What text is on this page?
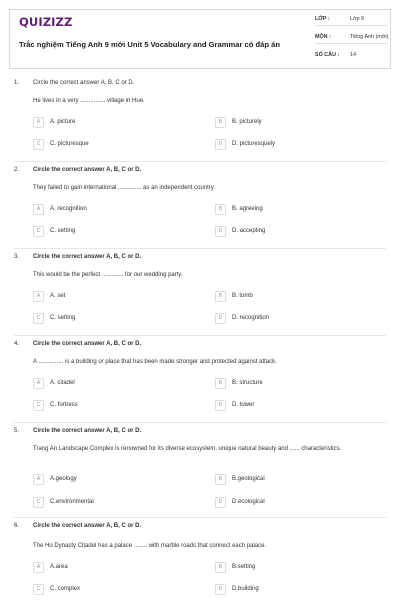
QUIZIZZ
Trắc nghiệm Tiếng Anh 9 mới Unit 5 Vocabulary and Grammar có đáp án
LỚP :	Lớp 9
MÔN :	Tiếng Anh (mới)
SỐ CÂU : 14
1. Circle the correct answer A, B, C or D.
He lives in a very ............... village in Hue.
A	A. picture	B	B. picturely
C	C. picturesque	D	D. picturesquely
2. Circle the correct answer A, B, C or D.
They failed to gain international .............. as an independent country.
A	A. recognition	B	B. agreeing
C	C. setting	D	D. accepting
3. Circle the correct answer A, B, C or D.
This would be the perfect ............. for our wedding party.
A	A. set	B	B. tomb
C	C. setting	D	D. recognition
4. Circle the correct answer A, B, C or D.
A ............... is a building or place that has been made stronger and protected against attack.
A	A. citadel	B	B. structure
C	C. fortress	D	D. tower
5. Circle the correct answer A, B, C or D.
Trang An Landscape Complex is renowned for its diverse ecosystem, unique natural beauty and ...... characteristics.
A	A.geology	B	B.geological
C	C.environmental	D	D.ecological
6. Circle the correct answer A, B, C or D.
The Ho Dynasty Citadel has a palace ........ with marble roads that connect each palace.
A	A.area	B	B.setting
C	C. complex	D	D.building
